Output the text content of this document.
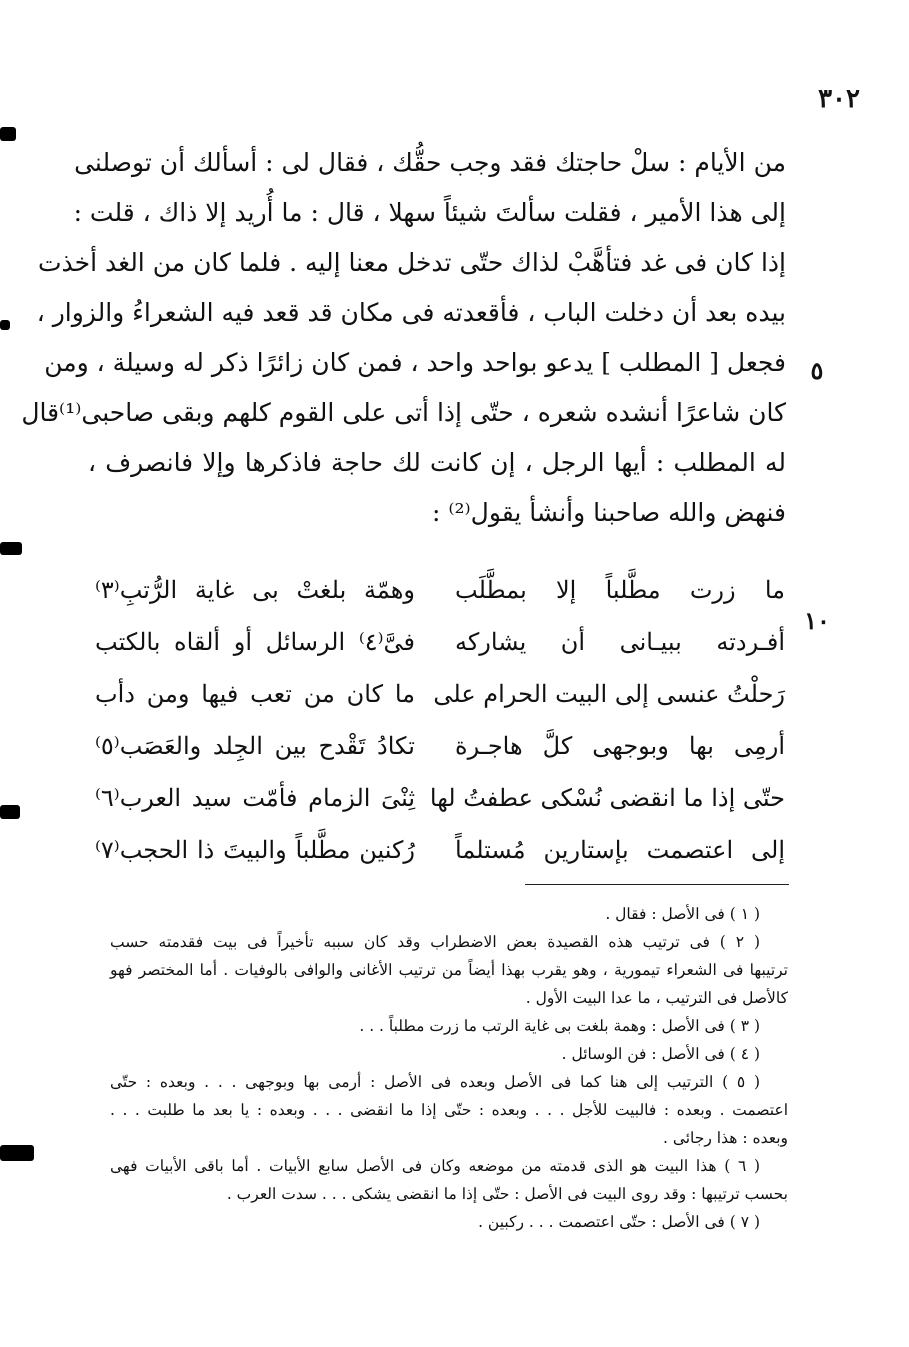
٣٠٢
من الأيام : سلْ حاجتك فقد وجب حقُّك ، فقال لى : أسألك أن توصلنى
إلى هذا الأمير ، فقلت سألتَ شيئاً سهلا ، قال : ما أُريد إلا ذاك ، قلت :
إذا كان فى غد فتأهَّبْ لذاك حتّى تدخل معنا إليه . فلما كان من الغد أخذت
بيده بعد أن دخلت الباب ، فأقعدته فى مكان قد قعد فيه الشعراءُ والزوار ،
فجعل [ المطلب ] يدعو بواحد واحد ، فمن كان زائرًا ذكر له وسيلة ، ومن
كان شاعرًا أنشده شعره ، حتّى إذا أتى على القوم كلهم وبقى صاحبى⁽¹⁾قال
له المطلب : أيها الرجل ، إن كانت لك حاجة فاذكرها وإلا فانصرف ،
فنهض والله صاحبنا وأنشأ يقول⁽²⁾ :
٥
١٠
ما زرت مطَّلباً إلا بمطَّلَب
وهمّة بلغتْ بى غاية الرُّتبِ⁽٣⁾
أفـردته ببيـانى أن يشاركه
فىَّ⁽٤⁾ الرسائل أو ألقاه بالكتب
رَحلْتُ عنسى إلى البيت الحرام على
ما كان من تعب فيها ومن دأب
أرمِى بها وبوجهى كلَّ هاجـرة
تكادُ تَقْدح بين الجِلد والعَصَب⁽٥⁾
حتّى إذا ما انقضى نُسْكى عطفتُ لها
ثِنْىَ الزمام فأمّت سيد العرب⁽٦⁾
إلى اعتصمت بإستارين مُستلماً
رُكنين مطَّلباً والبيتَ ذا الحجب⁽٧⁾
( ١ ) فى الأصل : فقال .
( ٢ ) فى ترتيب هذه القصيدة بعض الاضطراب وقد كان سببه تأخيراً فى بيت فقدمته حسب
ترتيبها فى الشعراء تيمورية ، وهو يقرب بهذا أيضاً من ترتيب الأغانى والوافى بالوفيات . أما المختصر فهو
كالأصل فى الترتيب ، ما عدا البيت الأول .
( ٣ ) فى الأصل : وهمة بلغت بى غاية الرتب ما زرت مطلباً . . .
( ٤ ) فى الأصل : فن الوسائل .
( ٥ ) الترتيب إلى هنا كما فى الأصل وبعده فى الأصل : أرمى بها وبوجهى . . . وبعده : حتّى
اعتصمت . وبعده : فالبيت للأجل . . . وبعده : حتّى إذا ما انقضى . . . وبعده : يا بعد ما طلبت . . .
وبعده : هذا رجائى .
( ٦ ) هذا البيت هو الذى قدمته من موضعه وكان فى الأصل سابع الأبيات . أما باقى الأبيات فهى
بحسب ترتيبها : وقد روى البيت فى الأصل : حتّى إذا ما انقضى يشكى . . . سدت العرب .
( ٧ ) فى الأصل : حتّى اعتصمت . . . ركبين .
